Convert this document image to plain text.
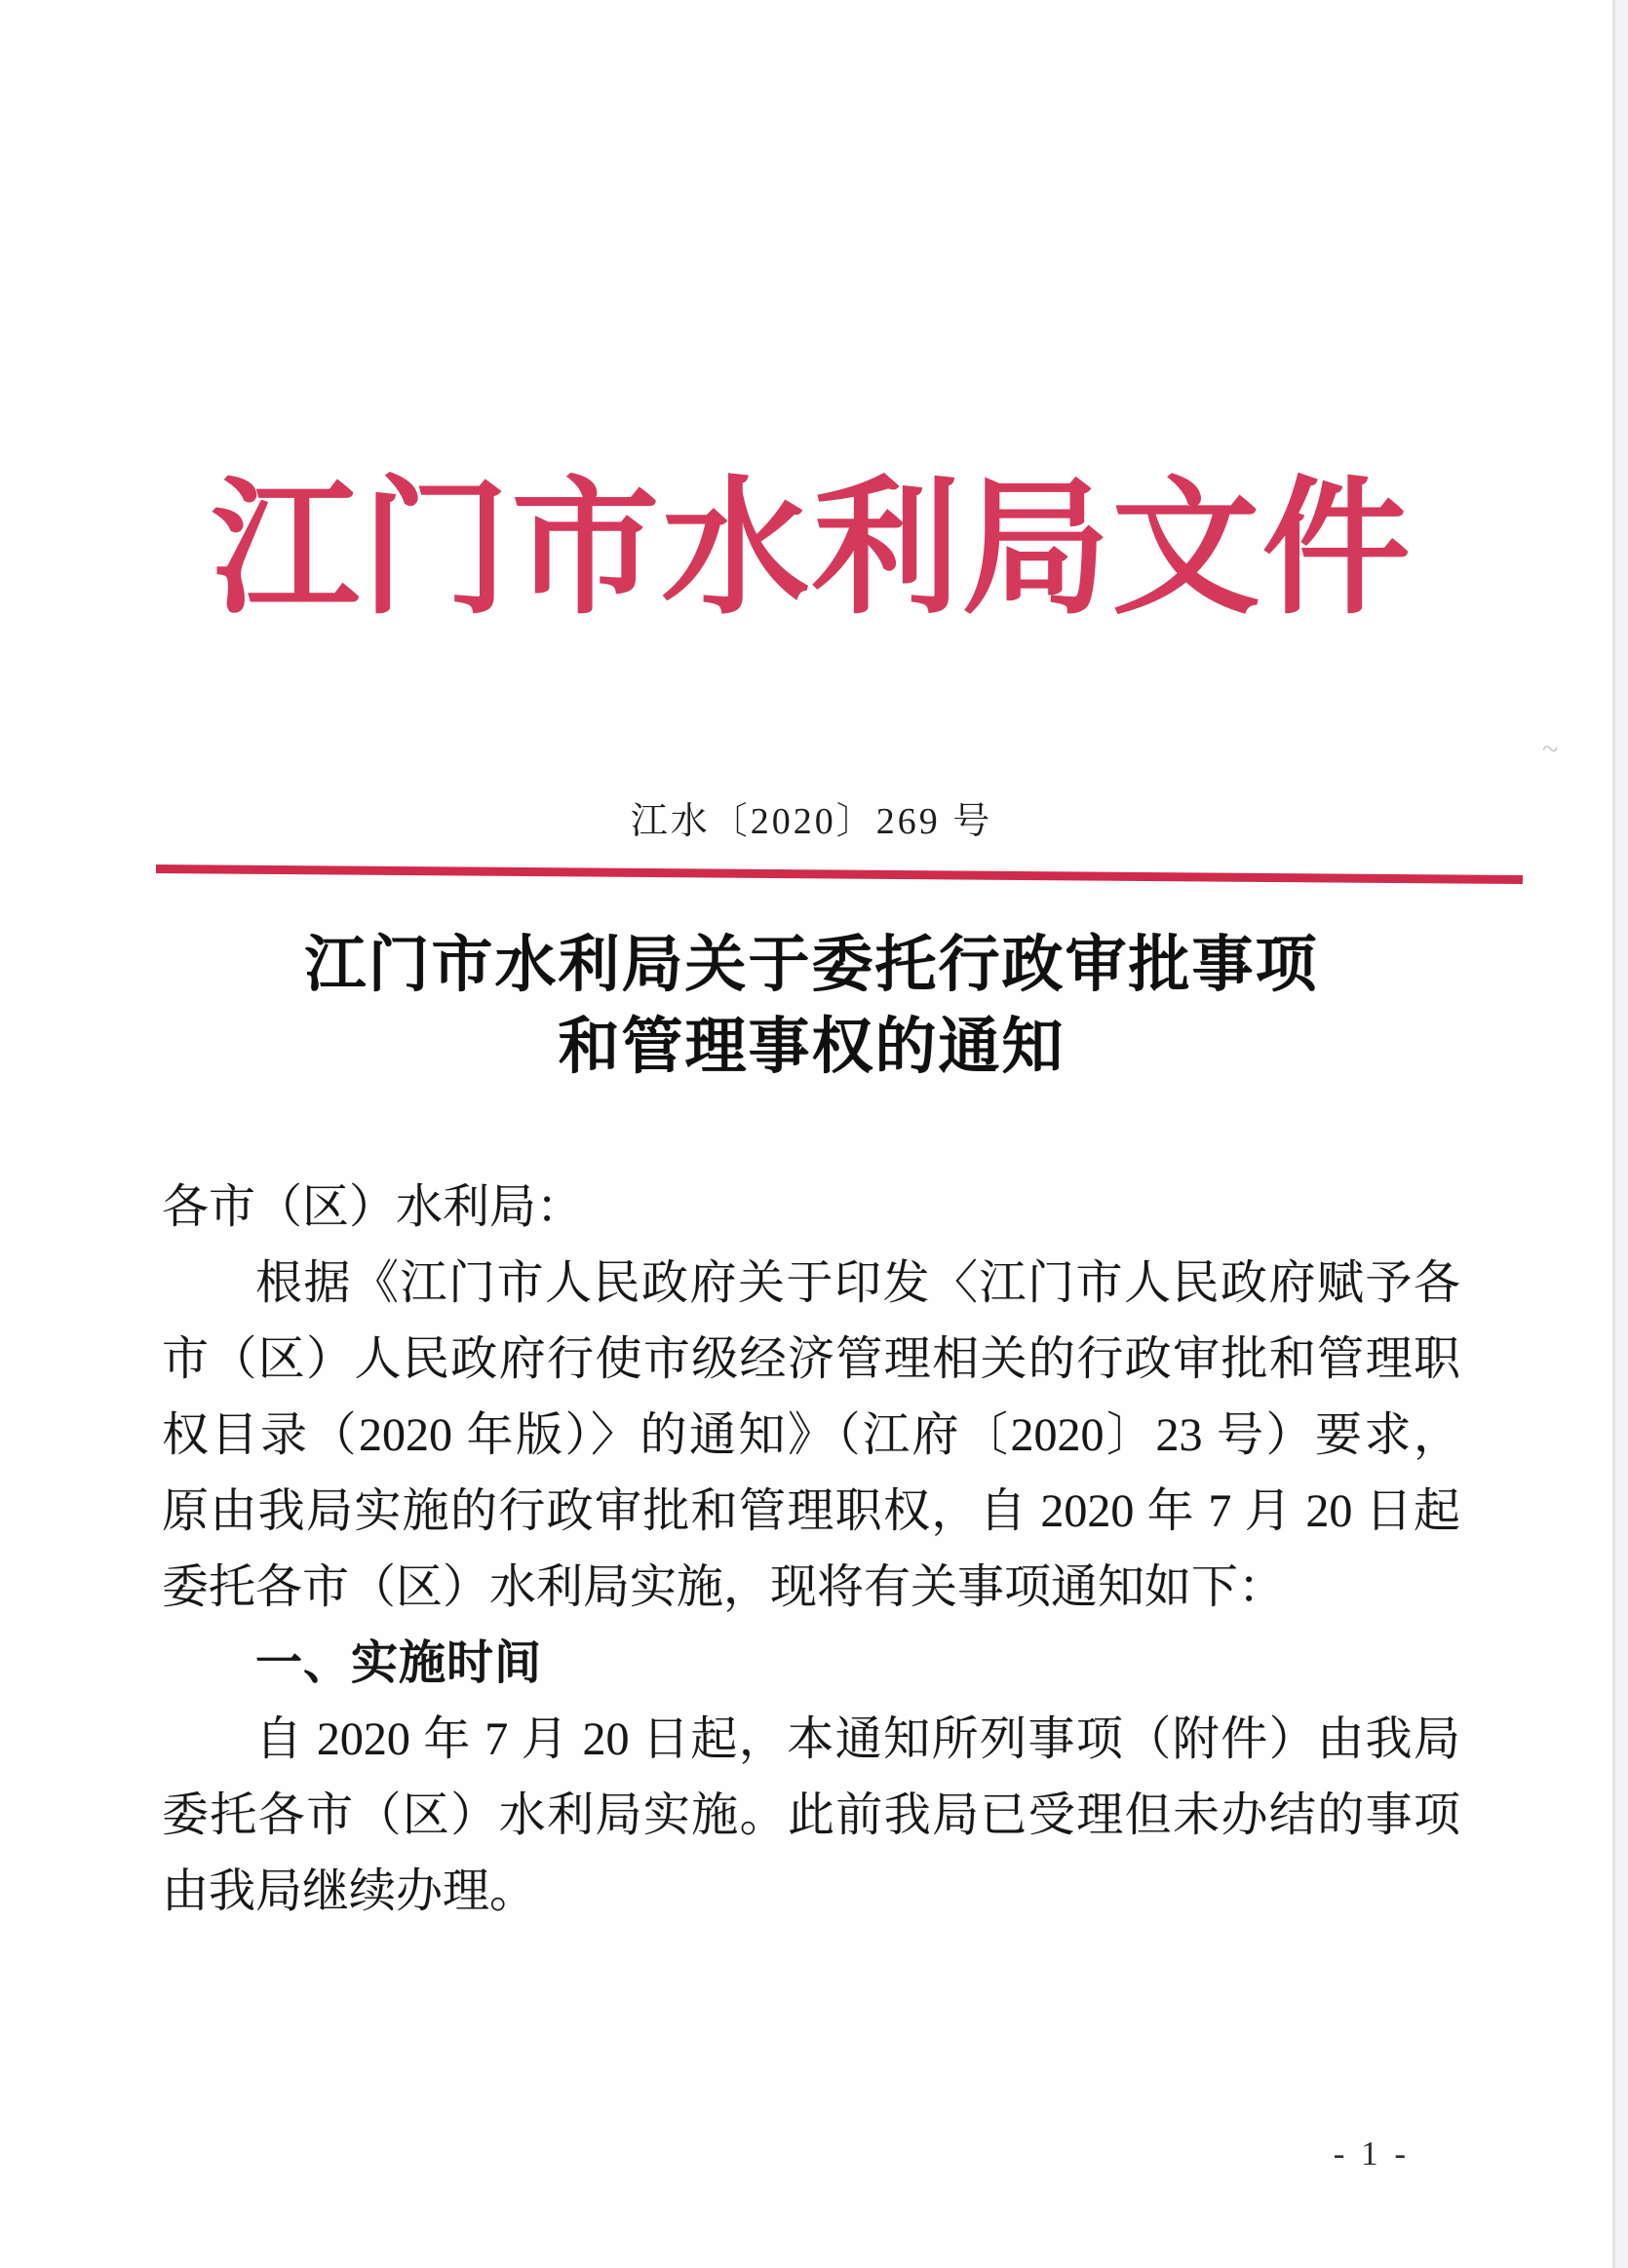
~
江门市水利局文件
江水〔2020〕269 号
江门市水利局关于委托行政审批事项
和管理事权的通知
各市（区）水利局：
根据《江门市人民政府关于印发〈江门市人民政府赋予各
市（区）人民政府行使市级经济管理相关的行政审批和管理职
权目录（2020 年版）〉的通知》（江府〔2020〕23 号）要求，
原由我局实施的行政审批和管理职权，自 2020 年 7 月 20 日起
委托各市（区）水利局实施，现将有关事项通知如下：
一、实施时间
自 2020 年 7 月 20 日起，本通知所列事项（附件）由我局
委托各市（区）水利局实施。此前我局已受理但未办结的事项
由我局继续办理。
- 1 -
